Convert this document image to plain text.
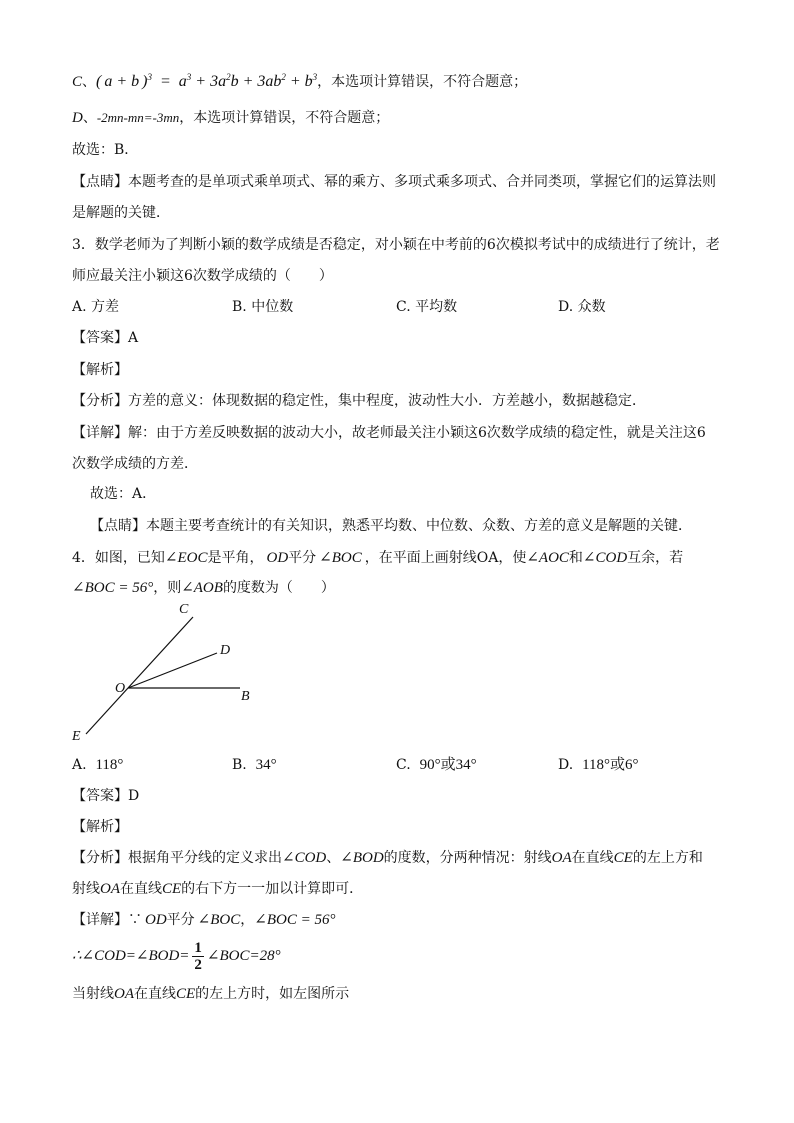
C、( a + b )$^3 = a^3 + 3a^2b + 3ab^2 + b^3$，本选项计算错误，不符合题意；
D、-2mn-mn=-3mn，本选项计算错误，不符合题意；
故选：B．
【点睛】本题考查的是单项式乘单项式、幂的乘方、多项式乘多项式、合并同类项，掌握它们的运算法则
是解题的关键．
3．数学老师为了判断小颖的数学成绩是否稳定，对小颖在中考前的6次模拟考试中的成绩进行了统计，老
师应最关注小颖这6次数学成绩的（　　）
A. 方差	B. 中位数	C. 平均数	D. 众数
【答案】A
【解析】
【分析】方差的意义：体现数据的稳定性，集中程度，波动性大小．方差越小，数据越稳定．
【详解】解：由于方差反映数据的波动大小，故老师最关注小颖这6次数学成绩的稳定性，就是关注这6
次数学成绩的方差．
故选：A．
【点睛】本题主要考查统计的有关知识，熟悉平均数、中位数、众数、方差的意义是解题的关键．
4．如图，已知∠EOC是平角， OD平分 ∠BOC ，在平面上画射线OA，使∠AOC和∠COD互余，若
∠BOC = 56°，则∠AOB的度数为（　　）
C
D
O
B
E
A. 118°	B. 34°	C. 90°或34°	D. 118°或6°
【答案】D
【解析】
【分析】根据角平分线的定义求出∠COD、∠BOD的度数，分两种情况：射线OA在直线CE的左上方和
射线OA在直线CE的右下方一一加以计算即可．
【详解】∵ OD平分 ∠BOC，∠BOC = 56°
∴∠COD=∠BOD= $\frac{1}{2}$ ∠BOC=28°
当射线OA在直线CE的左上方时，如左图所示
